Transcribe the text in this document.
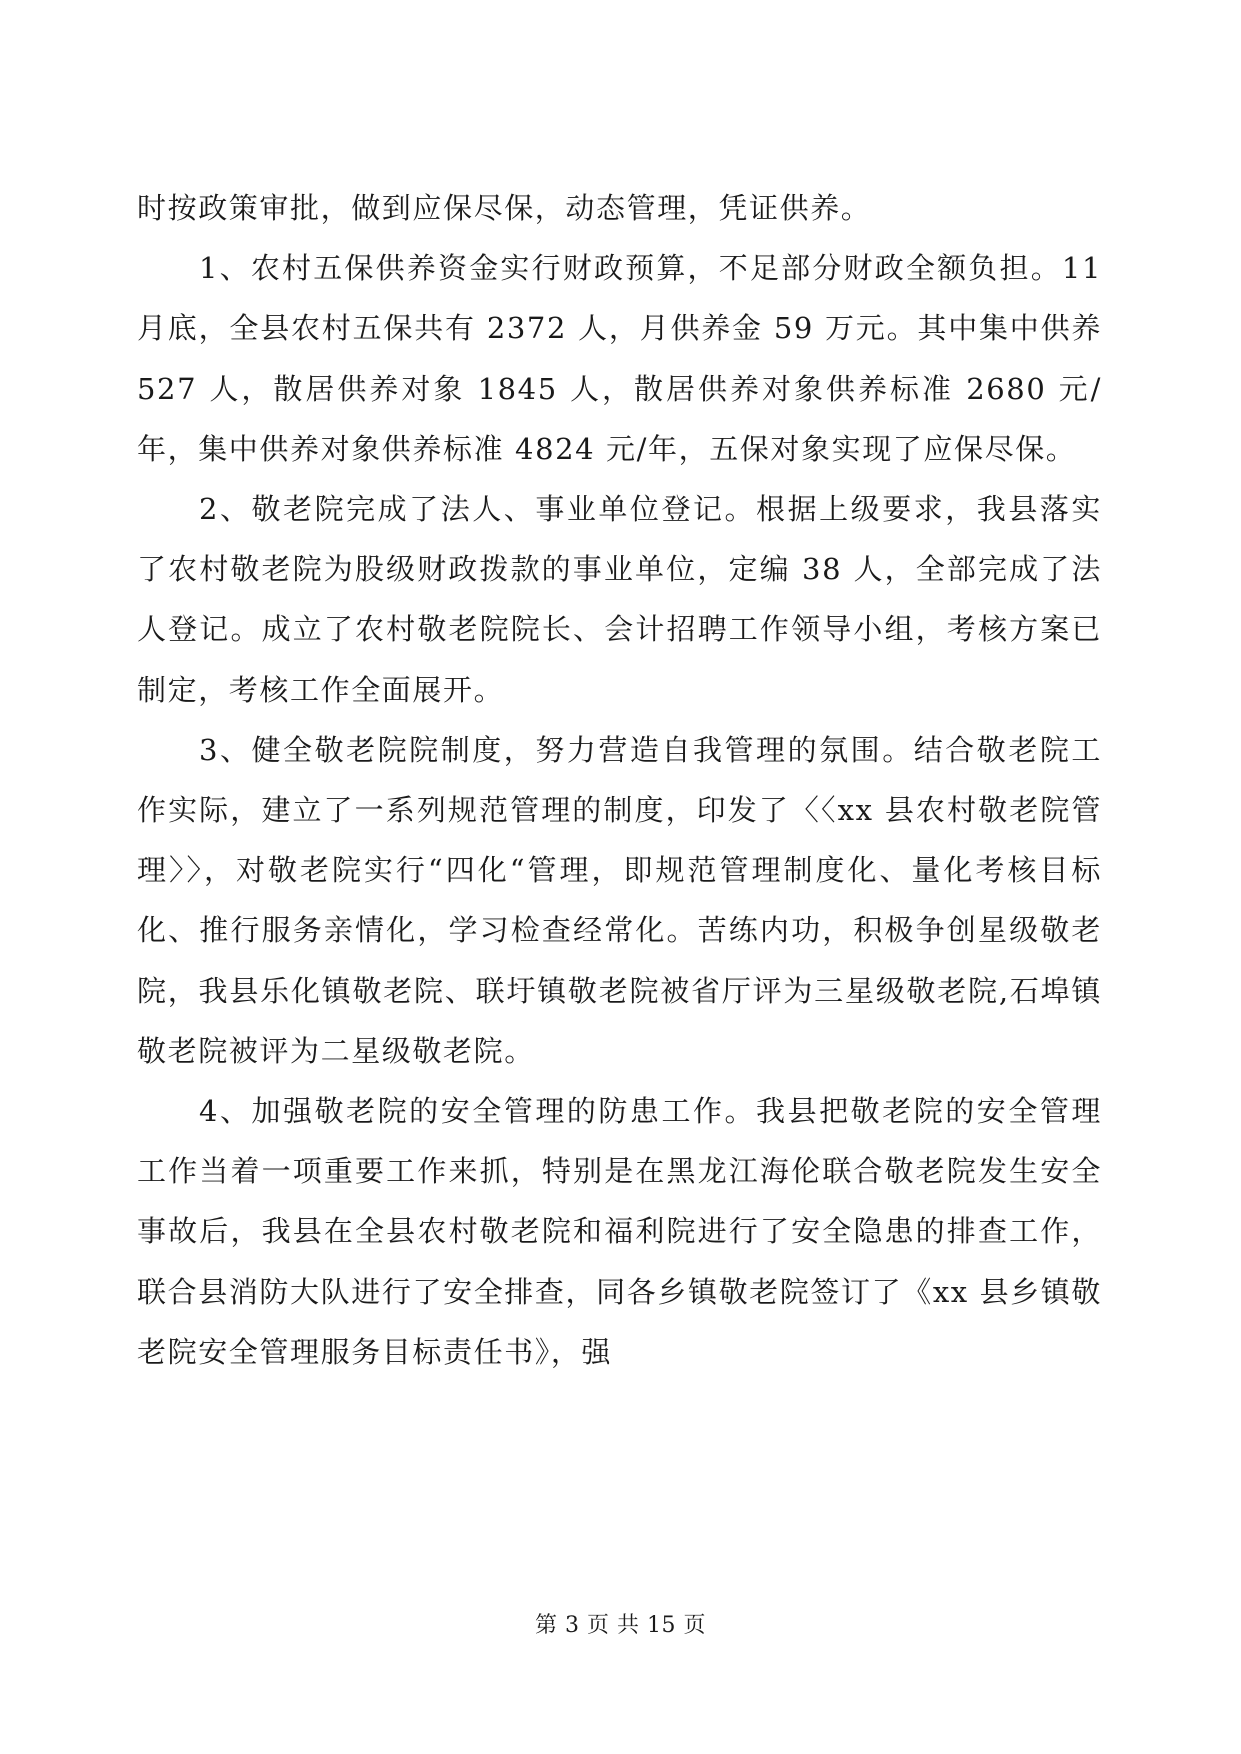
时按政策审批，做到应保尽保，动态管理，凭证供养。

1、农村五保供养资金实行财政预算，不足部分财政全额负担。11 月底，全县农村五保共有 2372 人，月供养金 59 万元。其中集中供养 527 人，散居供养对象 1845 人，散居供养对象供养标准 2680 元/年，集中供养对象供养标准 4824 元/年，五保对象实现了应保尽保。

2、敬老院完成了法人、事业单位登记。根据上级要求，我县落实了农村敬老院为股级财政拨款的事业单位，定编 38 人，全部完成了法人登记。成立了农村敬老院院长、会计招聘工作领导小组，考核方案已制定，考核工作全面展开。

3、健全敬老院院制度，努力营造自我管理的氛围。结合敬老院工作实际，建立了一系列规范管理的制度，印发了〈〈xx 县农村敬老院管理〉〉，对敬老院实行“四化“管理，即规范管理制度化、量化考核目标化、推行服务亲情化，学习检查经常化。苦练内功，积极争创星级敬老院，我县乐化镇敬老院、联圩镇敬老院被省厅评为三星级敬老院,石埠镇敬老院被评为二星级敬老院。

4、加强敬老院的安全管理的防患工作。我县把敬老院的安全管理工作当着一项重要工作来抓，特别是在黑龙江海伦联合敬老院发生安全事故后，我县在全县农村敬老院和福利院进行了安全隐患的排查工作，联合县消防大队进行了安全排查，同各乡镇敬老院签订了《xx 县乡镇敬老院安全管理服务目标责任书》，强

第 3 页 共 15 页
